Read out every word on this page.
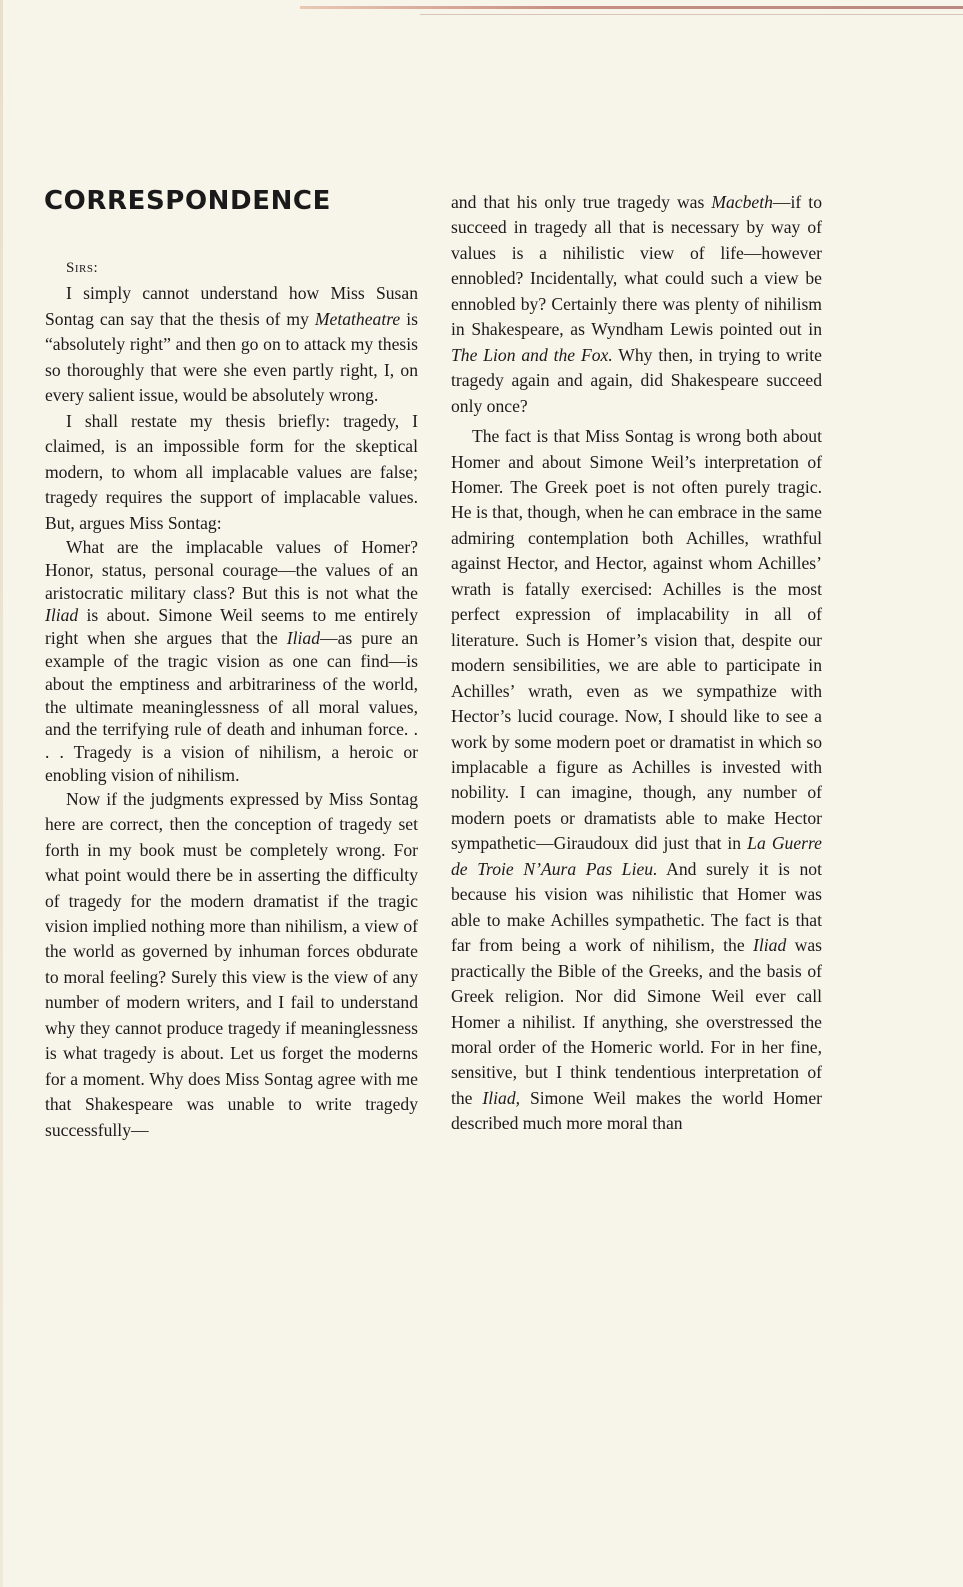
CORRESPONDENCE

Sirs:

I simply cannot understand how Miss Susan Sontag can say that the thesis of my Metatheatre is “absolutely right” and then go on to attack my thesis so thoroughly that were she even partly right, I, on every salient issue, would be absolutely wrong.

I shall restate my thesis briefly: tragedy, I claimed, is an impossible form for the skeptical modern, to whom all implacable values are false; tragedy requires the support of implacable values. But, argues Miss Sontag:

What are the implacable values of Homer? Honor, status, personal courage—the values of an aristocratic military class? But this is not what the Iliad is about. Simone Weil seems to me entirely right when she argues that the Iliad—as pure an example of the tragic vision as one can find—is about the emptiness and arbitrariness of the world, the ultimate meaninglessness of all moral values, and the terrifying rule of death and inhuman force. . . . Tragedy is a vision of nihilism, a heroic or enobling vision of nihilism.

Now if the judgments expressed by Miss Sontag here are correct, then the conception of tragedy set forth in my book must be completely wrong. For what point would there be in asserting the difficulty of tragedy for the modern dramatist if the tragic vision implied nothing more than nihilism, a view of the world as governed by inhuman forces obdurate to moral feeling? Surely this view is the view of any number of modern writers, and I fail to understand why they cannot produce tragedy if meaninglessness is what tragedy is about. Let us forget the moderns for a moment. Why does Miss Sontag agree with me that Shakespeare was unable to write tragedy successfully—

and that his only true tragedy was Macbeth—if to succeed in tragedy all that is necessary by way of values is a nihilistic view of life—however ennobled? Incidentally, what could such a view be ennobled by? Certainly there was plenty of nihilism in Shakespeare, as Wyndham Lewis pointed out in The Lion and the Fox. Why then, in trying to write tragedy again and again, did Shakespeare succeed only once?

The fact is that Miss Sontag is wrong both about Homer and about Simone Weil’s interpretation of Homer. The Greek poet is not often purely tragic. He is that, though, when he can embrace in the same admiring contemplation both Achilles, wrathful against Hector, and Hector, against whom Achilles’ wrath is fatally exercised: Achilles is the most perfect expression of implacability in all of literature. Such is Homer’s vision that, despite our modern sensibilities, we are able to participate in Achilles’ wrath, even as we sympathize with Hector’s lucid courage. Now, I should like to see a work by some modern poet or dramatist in which so implacable a figure as Achilles is invested with nobility. I can imagine, though, any number of modern poets or dramatists able to make Hector sympathetic—Giraudoux did just that in La Guerre de Troie N’Aura Pas Lieu. And surely it is not because his vision was nihilistic that Homer was able to make Achilles sympathetic. The fact is that far from being a work of nihilism, the Iliad was practically the Bible of the Greeks, and the basis of Greek religion. Nor did Simone Weil ever call Homer a nihilist. If anything, she overstressed the moral order of the Homeric world. For in her fine, sensitive, but I think tendentious interpretation of the Iliad, Simone Weil makes the world Homer described much more moral than
